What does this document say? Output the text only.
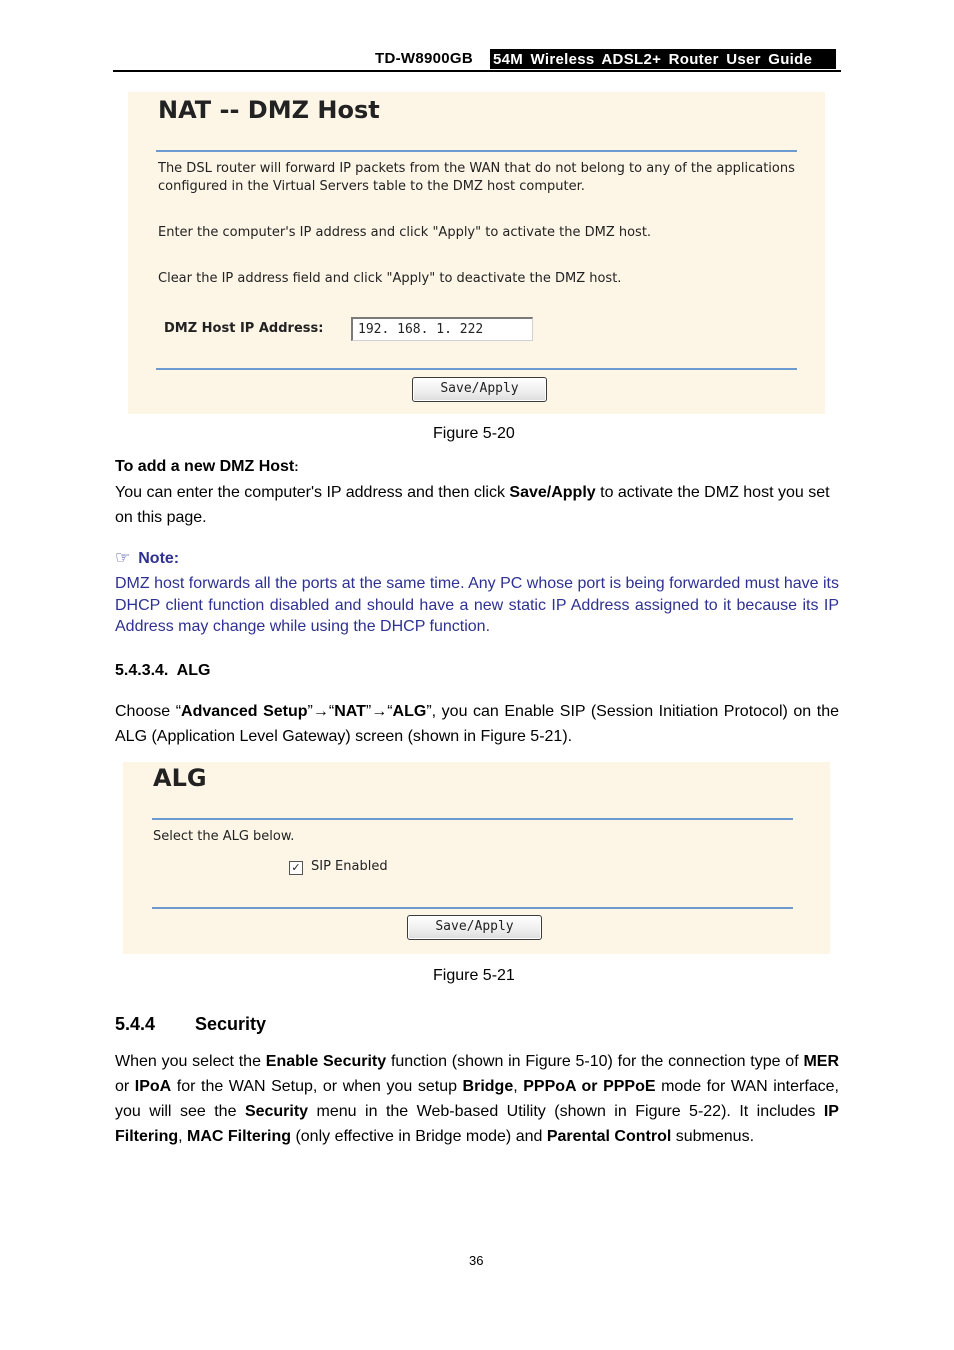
TD-W8900GB 54M Wireless ADSL2+ Router User Guide
NAT -- DMZ Host
The DSL router will forward IP packets from the WAN that do not belong to any of the applications
configured in the Virtual Servers table to the DMZ host computer.
Enter the computer's IP address and click "Apply" to activate the DMZ host.
Clear the IP address field and click "Apply" to deactivate the DMZ host.
DMZ Host IP Address:	192. 168. 1. 222
Save/Apply
Figure 5-20
To add a new DMZ Host:
You can enter the computer's IP address and then click Save/Apply to activate the DMZ host you set on this page.
☞ Note:
DMZ host forwards all the ports at the same time. Any PC whose port is being forwarded must have its DHCP client function disabled and should have a new static IP Address assigned to it because its IP Address may change while using the DHCP function.
5.4.3.4.  ALG
Choose “Advanced Setup”→“NAT”→“ALG”, you can Enable SIP (Session Initiation Protocol) on the ALG (Application Level Gateway) screen (shown in Figure 5-21).
ALG
Select the ALG below.
✓ SIP Enabled
Save/Apply
Figure 5-21
5.4.4 Security
When you select the Enable Security function (shown in Figure 5-10) for the connection type of MER or IPoA for the WAN Setup, or when you setup Bridge, PPPoA or PPPoE mode for WAN interface, you will see the Security menu in the Web-based Utility (shown in Figure 5-22). It includes IP Filtering, MAC Filtering (only effective in Bridge mode) and Parental Control submenus.
36
